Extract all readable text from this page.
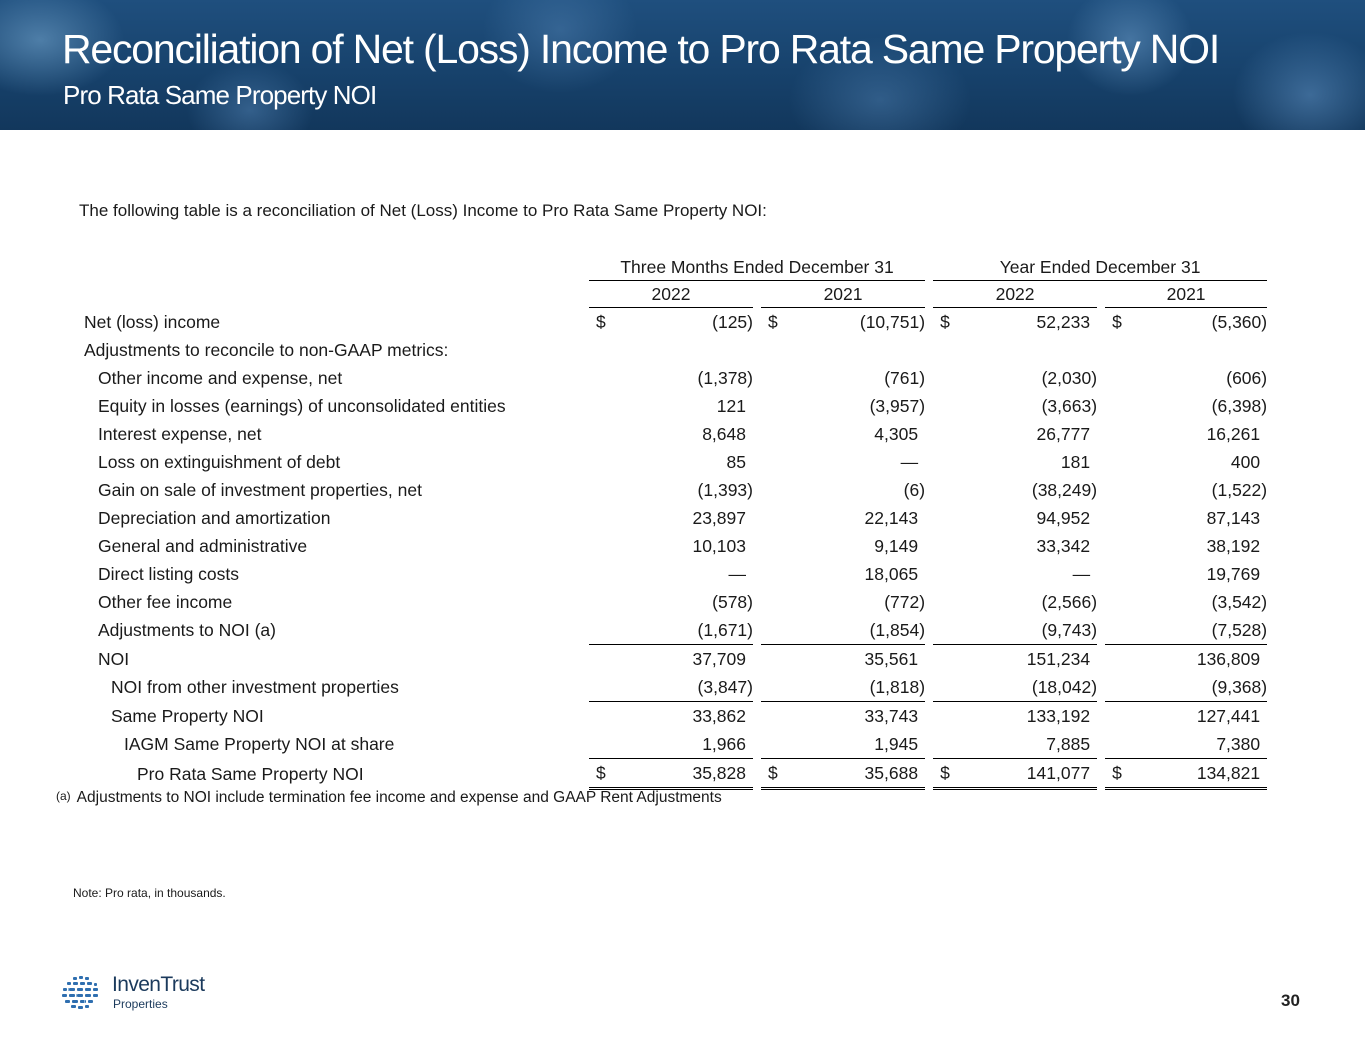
Reconciliation of Net (Loss) Income to Pro Rata Same Property NOI
Pro Rata Same Property NOI
The following table is a reconciliation of Net (Loss) Income to Pro Rata Same Property NOI:
	Three Months Ended December 31						Year Ended December 31				
	2022			2021			2022			2021	
Net (loss) income	$	(125)		$	(10,751)		$	52,233		$	(5,360)
Adjustments to reconcile to non-GAAP metrics:											
Other income and expense, net		(1,378)			(761)			(2,030)			(606)
Equity in losses (earnings) of unconsolidated entities		121			(3,957)			(3,663)			(6,398)
Interest expense, net		8,648			4,305			26,777			16,261
Loss on extinguishment of debt		85			—			181			400
Gain on sale of investment properties, net		(1,393)			(6)			(38,249)			(1,522)
Depreciation and amortization		23,897			22,143			94,952			87,143
General and administrative		10,103			9,149			33,342			38,192
Direct listing costs		—			18,065			—			19,769
Other fee income		(578)			(772)			(2,566)			(3,542)
Adjustments to NOI (a)		(1,671)			(1,854)			(9,743)			(7,528)
NOI		37,709			35,561			151,234			136,809
NOI from other investment properties		(3,847)			(1,818)			(18,042)			(9,368)
Same Property NOI		33,862			33,743			133,192			127,441
IAGM Same Property NOI at share		1,966			1,945			7,885			7,380
Pro Rata Same Property NOI	$	35,828		$	35,688		$	141,077		$	134,821
$^{(a)}$ Adjustments to NOI include termination fee income and expense and GAAP Rent Adjustments
Note: Pro rata, in thousands.
InvenTrust
Properties	30
